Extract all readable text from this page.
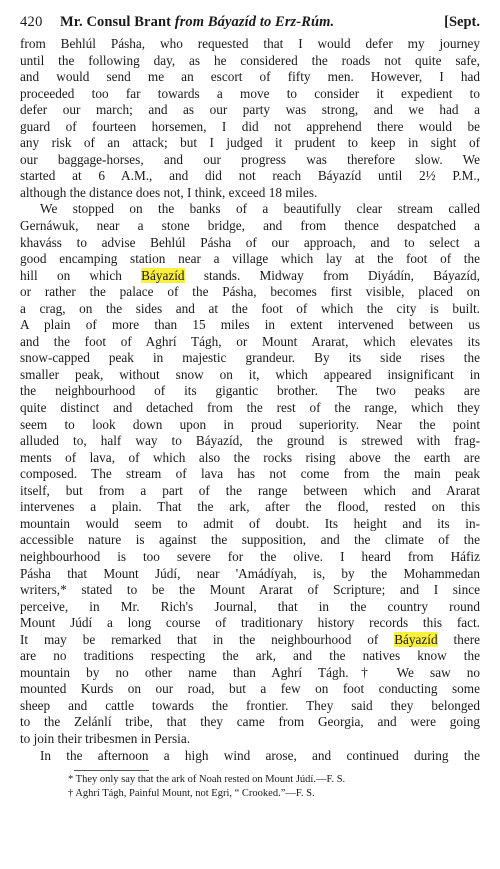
420	Mr. Consul Brant from Báyazíd to Erz-Rúm.	[Sept.
from Behlúl Pásha, who requested that I would defer my journey
until the following day, as he considered the roads not quite safe,
and would send me an escort of fifty men. However, I had
proceeded too far towards a move to consider it expedient to
defer our march; and as our party was strong, and we had a
guard of fourteen horsemen, I did not apprehend there would be
any risk of an attack; but I judged it prudent to keep in sight of
our baggage-horses, and our progress was therefore slow. We
started at 6 A.M., and did not reach Báyazíd until 2½ P.M.,
although the distance does not, I think, exceed 18 miles.
We stopped on the banks of a beautifully clear stream called
Gernáwuk, near a stone bridge, and from thence despatched a
khaváss to advise Behlúl Pásha of our approach, and to select a
good encamping station near a village which lay at the foot of the
hill on which Báyazíd stands. Midway from Diyádín, Báyazíd,
or rather the palace of the Pásha, becomes first visible, placed on
a crag, on the sides and at the foot of which the city is built.
A plain of more than 15 miles in extent intervened between us
and the foot of Aghrí Tágh, or Mount Ararat, which elevates its
snow-capped peak in majestic grandeur. By its side rises the
smaller peak, without snow on it, which appeared insignificant in
the neighbourhood of its gigantic brother. The two peaks are
quite distinct and detached from the rest of the range, which they
seem to look down upon in proud superiority. Near the point
alluded to, half way to Báyazíd, the ground is strewed with frag-
ments of lava, of which also the rocks rising above the earth are
composed. The stream of lava has not come from the main peak
itself, but from a part of the range between which and Ararat
intervenes a plain. That the ark, after the flood, rested on this
mountain would seem to admit of doubt. Its height and its in-
accessible nature is against the supposition, and the climate of the
neighbourhood is too severe for the olive. I heard from Háfiz
Pásha that Mount Júdí, near 'Amádíyah, is, by the Mohammedan
writers,* stated to be the Mount Ararat of Scripture; and I since
perceive, in Mr. Rich's Journal, that in the country round
Mount Júdí a long course of traditionary history records this fact.
It may be remarked that in the neighbourhood of Báyazíd there
are no traditions respecting the ark, and the natives know the
mountain by no other name than Aghrí Tágh.† We saw no
mounted Kurds on our road, but a few on foot conducting some
sheep and cattle towards the frontier. They said they belonged
to the Zelánlí tribe, that they came from Georgia, and were going
to join their tribesmen in Persia.
In the afternoon a high wind arose, and continued during the
* They only say that the ark of Noah rested on Mount Júdí.—F. S.
† Aghrí Tágh, Painful Mount, not Egri, “ Crooked.”—F. S.
